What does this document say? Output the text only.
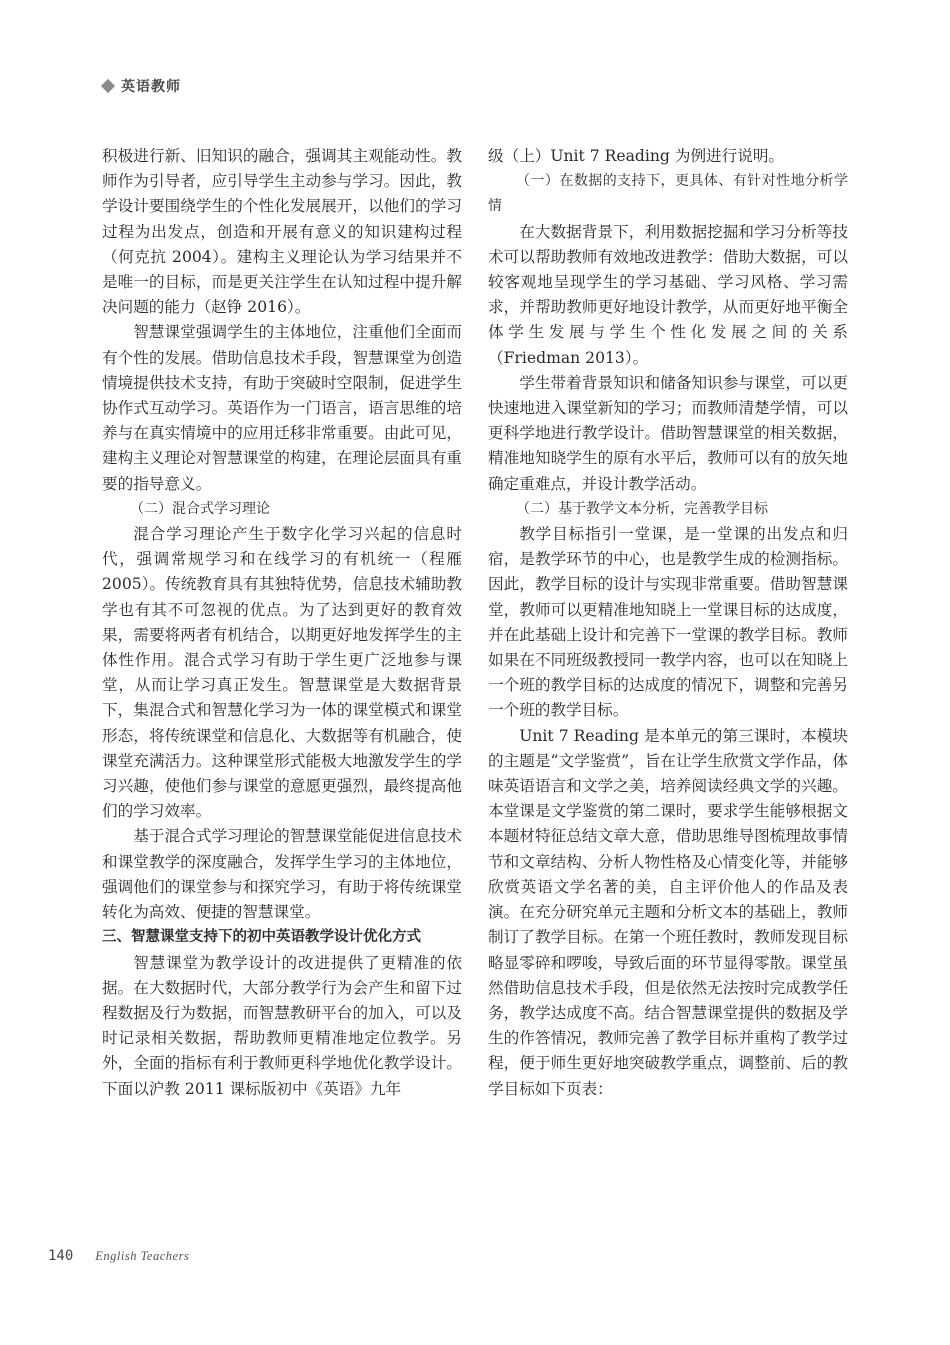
英语教师

积极进行新、旧知识的融合，强调其主观能动性。教师作为引导者，应引导学生主动参与学习。因此，教学设计要围绕学生的个性化发展展开，以他们的学习过程为出发点，创造和开展有意义的知识建构过程（何克抗 2004）。建构主义理论认为学习结果并不是唯一的目标，而是更关注学生在认知过程中提升解决问题的能力（赵铮 2016）。

智慧课堂强调学生的主体地位，注重他们全面而有个性的发展。借助信息技术手段，智慧课堂为创造情境提供技术支持，有助于突破时空限制，促进学生协作式互动学习。英语作为一门语言，语言思维的培养与在真实情境中的应用迁移非常重要。由此可见，建构主义理论对智慧课堂的构建，在理论层面具有重要的指导意义。

（二）混合式学习理论

混合学习理论产生于数字化学习兴起的信息时代，强调常规学习和在线学习的有机统一（程雁 2005）。传统教育具有其独特优势，信息技术辅助教学也有其不可忽视的优点。为了达到更好的教育效果，需要将两者有机结合，以期更好地发挥学生的主体性作用。混合式学习有助于学生更广泛地参与课堂，从而让学习真正发生。智慧课堂是大数据背景下，集混合式和智慧化学习为一体的课堂模式和课堂形态，将传统课堂和信息化、大数据等有机融合，使课堂充满活力。这种课堂形式能极大地激发学生的学习兴趣，使他们参与课堂的意愿更强烈，最终提高他们的学习效率。

基于混合式学习理论的智慧课堂能促进信息技术和课堂教学的深度融合，发挥学生学习的主体地位，强调他们的课堂参与和探究学习，有助于将传统课堂转化为高效、便捷的智慧课堂。

三、智慧课堂支持下的初中英语教学设计优化方式

智慧课堂为教学设计的改进提供了更精准的依据。在大数据时代，大部分教学行为会产生和留下过程数据及行为数据，而智慧教研平台的加入，可以及时记录相关数据，帮助教师更精准地定位教学。另外，全面的指标有利于教师更科学地优化教学设计。下面以沪教 2011 课标版初中《英语》九年

级（上）Unit 7 Reading 为例进行说明。

（一）在数据的支持下，更具体、有针对性地分析学情

在大数据背景下，利用数据挖掘和学习分析等技术可以帮助教师有效地改进教学：借助大数据，可以较客观地呈现学生的学习基础、学习风格、学习需求，并帮助教师更好地设计教学，从而更好地平衡全体学生发展与学生个性化发展之间的关系（Friedman 2013）。

学生带着背景知识和储备知识参与课堂，可以更快速地进入课堂新知的学习；而教师清楚学情，可以更科学地进行教学设计。借助智慧课堂的相关数据，精准地知晓学生的原有水平后，教师可以有的放矢地确定重难点，并设计教学活动。

（二）基于教学文本分析，完善教学目标

教学目标指引一堂课，是一堂课的出发点和归宿，是教学环节的中心，也是教学生成的检测指标。因此，教学目标的设计与实现非常重要。借助智慧课堂，教师可以更精准地知晓上一堂课目标的达成度，并在此基础上设计和完善下一堂课的教学目标。教师如果在不同班级教授同一教学内容，也可以在知晓上一个班的教学目标的达成度的情况下，调整和完善另一个班的教学目标。

Unit 7 Reading 是本单元的第三课时，本模块的主题是“文学鉴赏”，旨在让学生欣赏文学作品，体味英语语言和文学之美，培养阅读经典文学的兴趣。本堂课是文学鉴赏的第二课时，要求学生能够根据文本题材特征总结文章大意，借助思维导图梳理故事情节和文章结构、分析人物性格及心情变化等，并能够欣赏英语文学名著的美，自主评价他人的作品及表演。在充分研究单元主题和分析文本的基础上，教师制订了教学目标。在第一个班任教时，教师发现目标略显零碎和啰唆，导致后面的环节显得零散。课堂虽然借助信息技术手段，但是依然无法按时完成教学任务，教学达成度不高。结合智慧课堂提供的数据及学生的作答情况，教师完善了教学目标并重构了教学过程，便于师生更好地突破教学重点，调整前、后的教学目标如下页表：

140 English Teachers
